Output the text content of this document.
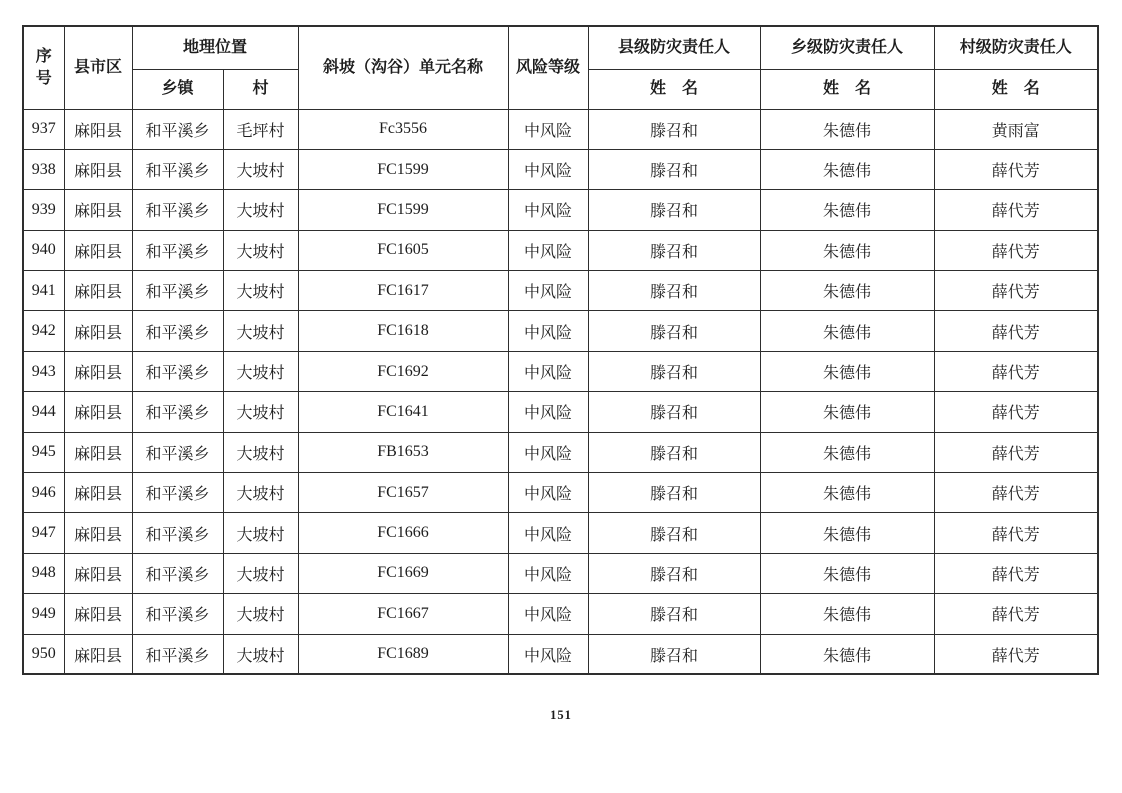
序号	县市区	地理位置		斜坡（沟谷）单元名称	风险等级	县级防灾责任人	乡级防灾责任人	村级防灾责任人
		乡镇	村			姓　名	姓　名	姓　名
937	麻阳县	和平溪乡	毛坪村	Fc3556	中风险	滕召和	朱德伟	黄雨富
938	麻阳县	和平溪乡	大坡村	FC1599	中风险	滕召和	朱德伟	薛代芳
939	麻阳县	和平溪乡	大坡村	FC1599	中风险	滕召和	朱德伟	薛代芳
940	麻阳县	和平溪乡	大坡村	FC1605	中风险	滕召和	朱德伟	薛代芳
941	麻阳县	和平溪乡	大坡村	FC1617	中风险	滕召和	朱德伟	薛代芳
942	麻阳县	和平溪乡	大坡村	FC1618	中风险	滕召和	朱德伟	薛代芳
943	麻阳县	和平溪乡	大坡村	FC1692	中风险	滕召和	朱德伟	薛代芳
944	麻阳县	和平溪乡	大坡村	FC1641	中风险	滕召和	朱德伟	薛代芳
945	麻阳县	和平溪乡	大坡村	FB1653	中风险	滕召和	朱德伟	薛代芳
946	麻阳县	和平溪乡	大坡村	FC1657	中风险	滕召和	朱德伟	薛代芳
947	麻阳县	和平溪乡	大坡村	FC1666	中风险	滕召和	朱德伟	薛代芳
948	麻阳县	和平溪乡	大坡村	FC1669	中风险	滕召和	朱德伟	薛代芳
949	麻阳县	和平溪乡	大坡村	FC1667	中风险	滕召和	朱德伟	薛代芳
950	麻阳县	和平溪乡	大坡村	FC1689	中风险	滕召和	朱德伟	薛代芳
151
